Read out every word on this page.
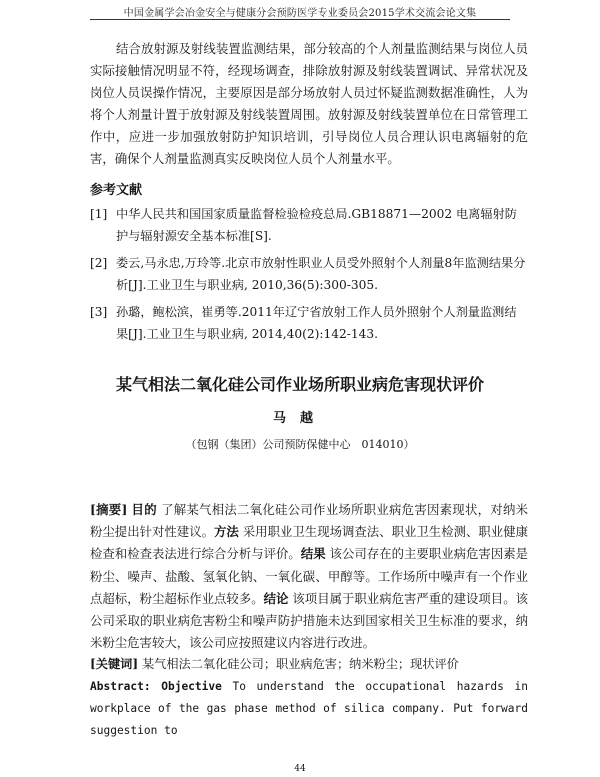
中国金属学会冶金安全与健康分会预防医学专业委员会2015学术交流会论文集
结合放射源及射线装置监测结果，部分较高的个人剂量监测结果与岗位人员实际接触情况明显不符，经现场调查，排除放射源及射线装置调试、异常状况及岗位人员误操作情况，主要原因是部分场放射人员过怀疑监测数据准确性，人为将个人剂量计置于放射源及射线装置周围。放射源及射线装置单位在日常管理工作中，应进一步加强放射防护知识培训，引导岗位人员合理认识电离辐射的危害，确保个人剂量监测真实反映岗位人员个人剂量水平。
参考文献
[1] 中华人民共和国国家质量监督检验检疫总局.GB18871—2002 电离辐射防护与辐射源安全基本标准[S].
[2] 娄云,马永忠,万玲等.北京市放射性职业人员受外照射个人剂量8年监测结果分析[J].工业卫生与职业病, 2010,36(5):300-305.
[3] 孙璐，鲍松滨，崔勇等.2011年辽宁省放射工作人员外照射个人剂量监测结果[J].工业卫生与职业病, 2014,40(2):142-143.
某气相法二氧化硅公司作业场所职业病危害现状评价
马越
（包钢（集团）公司预防保健中心　014010）
[摘要] 目的 了解某气相法二氧化硅公司作业场所职业病危害因素现状，对纳米粉尘提出针对性建议。方法 采用职业卫生现场调查法、职业卫生检测、职业健康检查和检查表法进行综合分析与评价。结果 该公司存在的主要职业病危害因素是粉尘、噪声、盐酸、氢氧化钠、一氧化碳、甲醇等。工作场所中噪声有一个作业点超标，粉尘超标作业点较多。结论 该项目属于职业病危害严重的建设项目。该公司采取的职业病危害粉尘和噪声防护措施未达到国家相关卫生标准的要求，纳米粉尘危害较大，该公司应按照建议内容进行改进。
[关键词] 某气相法二氧化硅公司；职业病危害；纳米粉尘；现状评价
Abstract: Objective To understand the occupational hazards in workplace of the gas phase method of silica company. Put forward suggestion to
44
